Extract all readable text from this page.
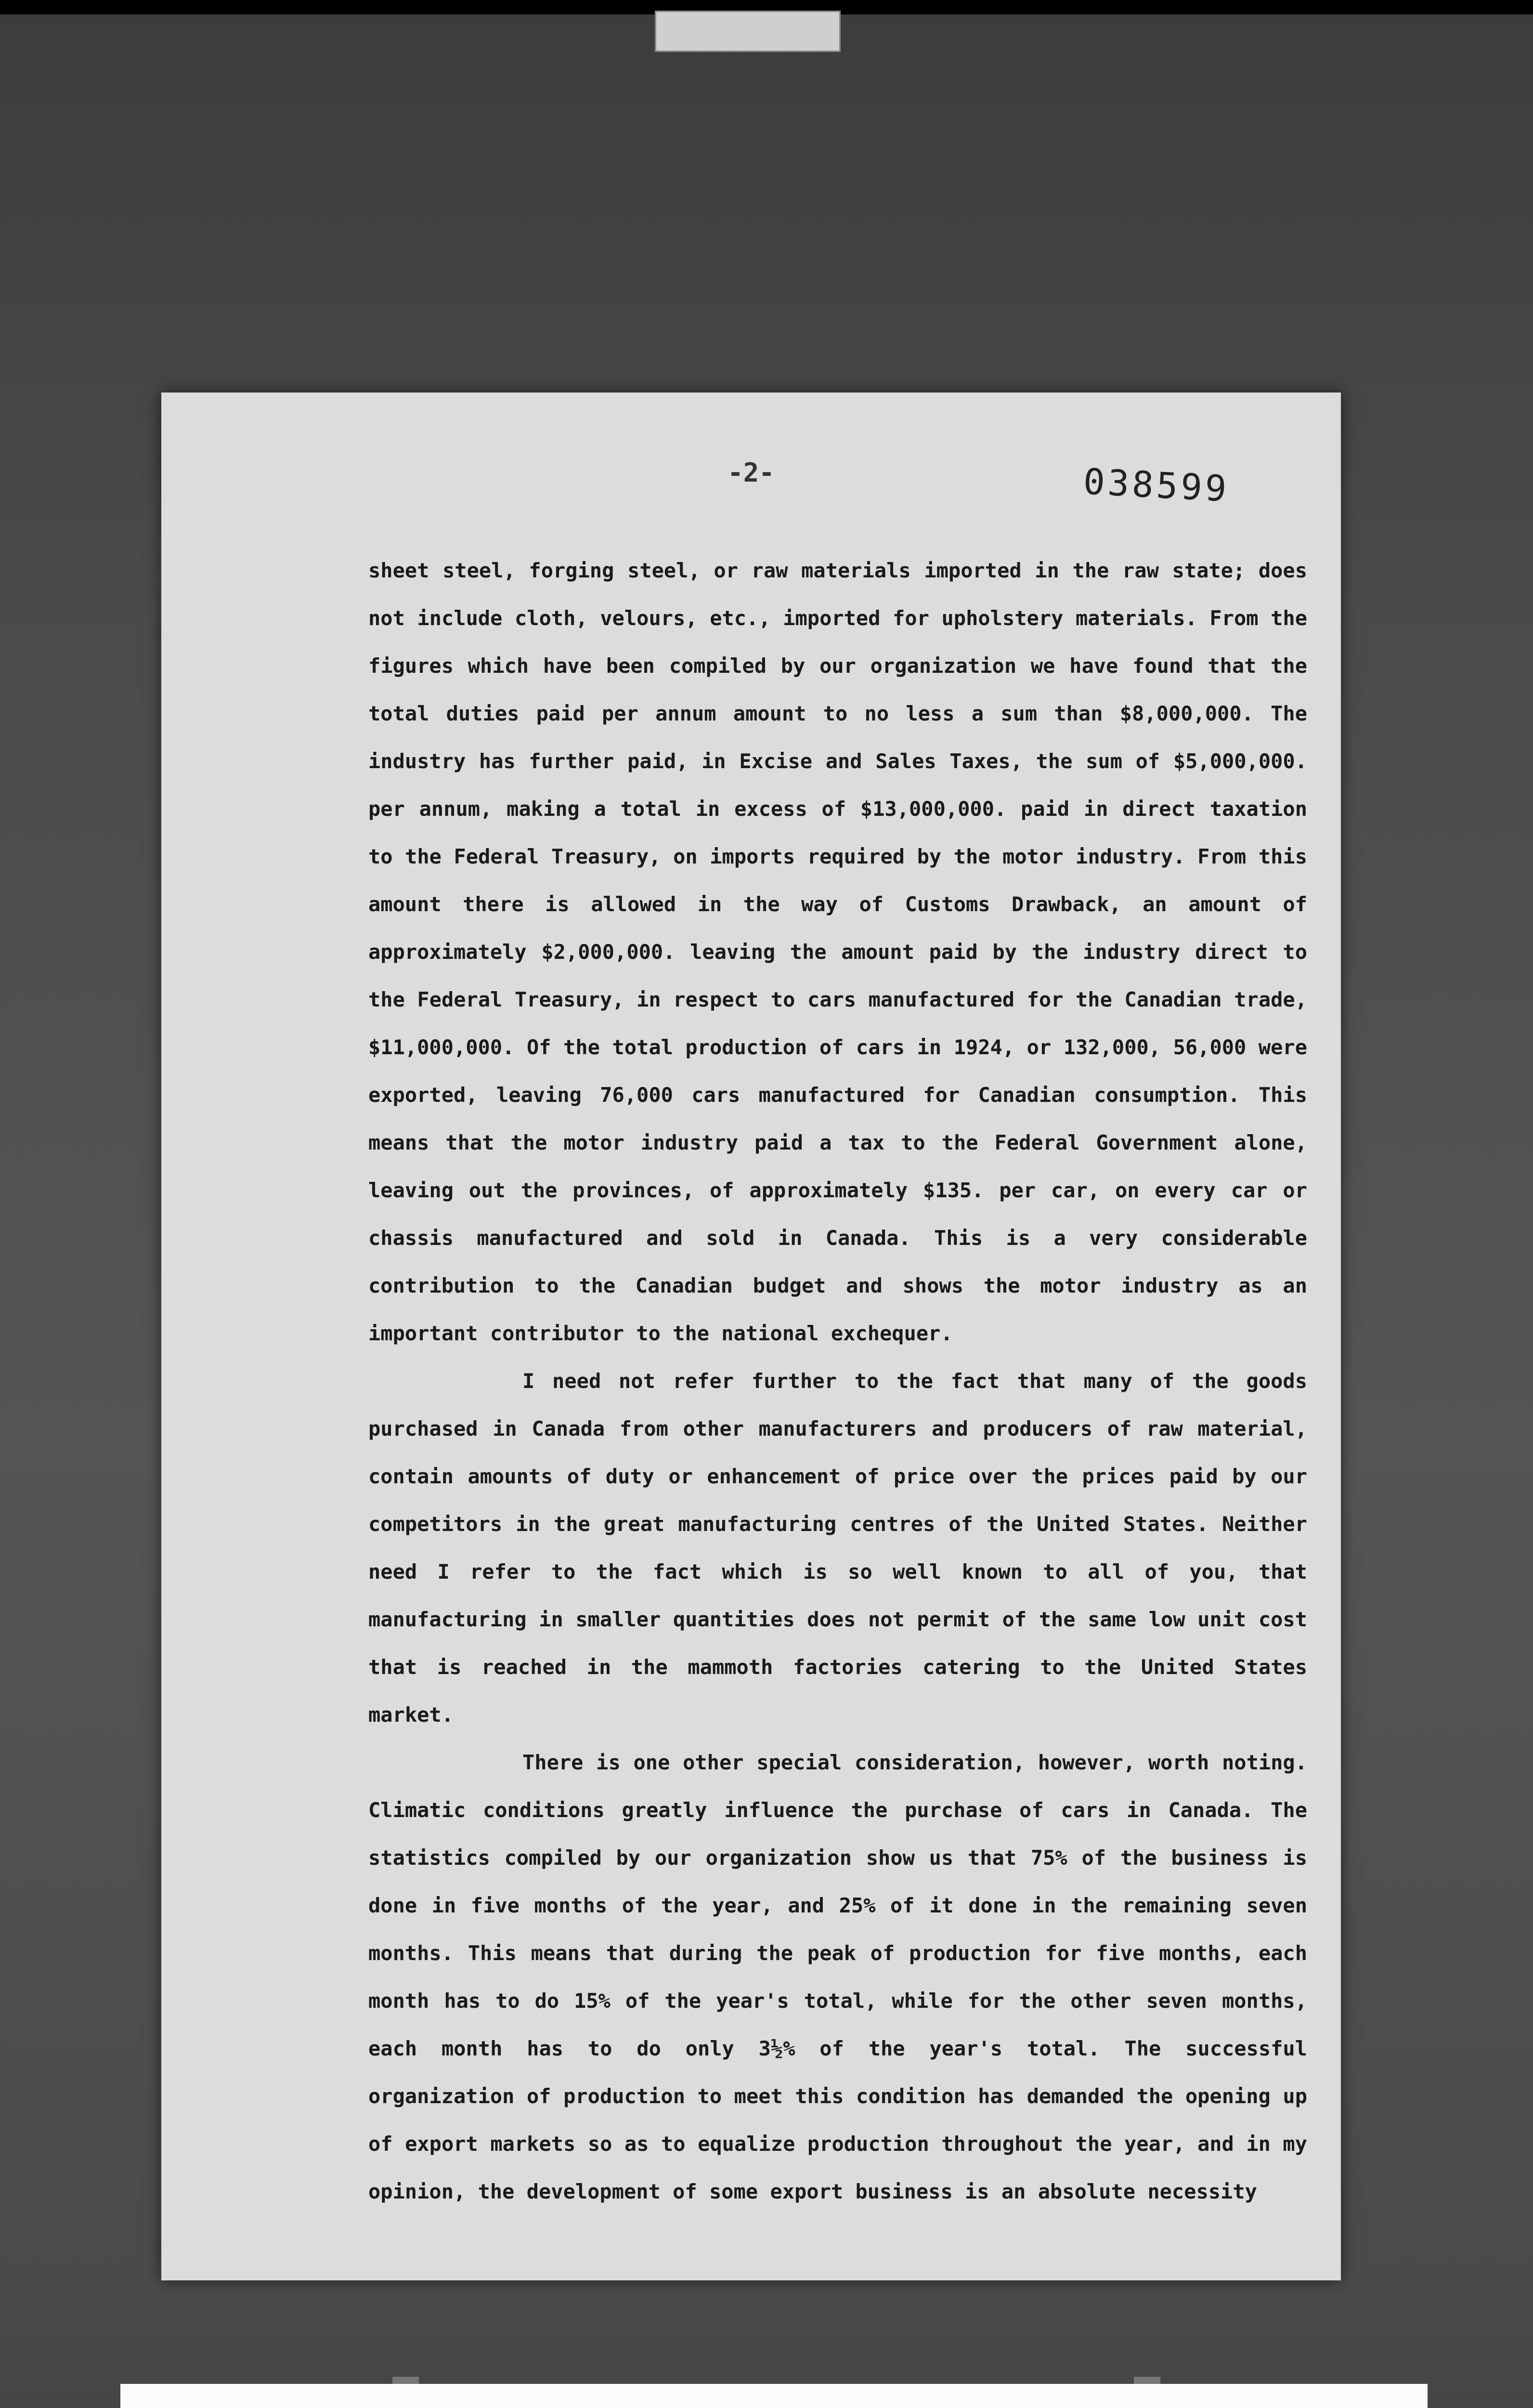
-2-	038599

sheet steel, forging steel, or raw materials imported in the raw state; does not include cloth, velours, etc., imported for upholstery materials. From the figures which have been compiled by our organization we have found that the total duties paid per annum amount to no less a sum than $8,000,000. The industry has further paid, in Excise and Sales Taxes, the sum of $5,000,000. per annum, making a total in excess of $13,000,000. paid in direct taxation to the Federal Treasury, on imports required by the motor industry. From this amount there is allowed in the way of Customs Drawback, an amount of approximately $2,000,000. leaving the amount paid by the industry direct to the Federal Treasury, in respect to cars manufactured for the Canadian trade, $11,000,000. Of the total production of cars in 1924, or 132,000, 56,000 were exported, leaving 76,000 cars manufactured for Canadian consumption. This means that the motor industry paid a tax to the Federal Government alone, leaving out the provinces, of approximately $135. per car, on every car or chassis manufactured and sold in Canada. This is a very considerable contribution to the Canadian budget and shows the motor industry as an important contributor to the national exchequer.

I need not refer further to the fact that many of the goods purchased in Canada from other manufacturers and producers of raw material, contain amounts of duty or enhancement of price over the prices paid by our competitors in the great manufacturing centres of the United States. Neither need I refer to the fact which is so well known to all of you, that manufacturing in smaller quantities does not permit of the same low unit cost that is reached in the mammoth factories catering to the United States market.

There is one other special consideration, however, worth noting. Climatic conditions greatly influence the purchase of cars in Canada. The statistics compiled by our organization show us that 75% of the business is done in five months of the year, and 25% of it done in the remaining seven months. This means that during the peak of production for five months, each month has to do 15% of the year's total, while for the other seven months, each month has to do only 3½% of the year's total. The successful organization of production to meet this condition has demanded the opening up of export markets so as to equalize production throughout the year, and in my opinion, the development of some export business is an absolute necessity
